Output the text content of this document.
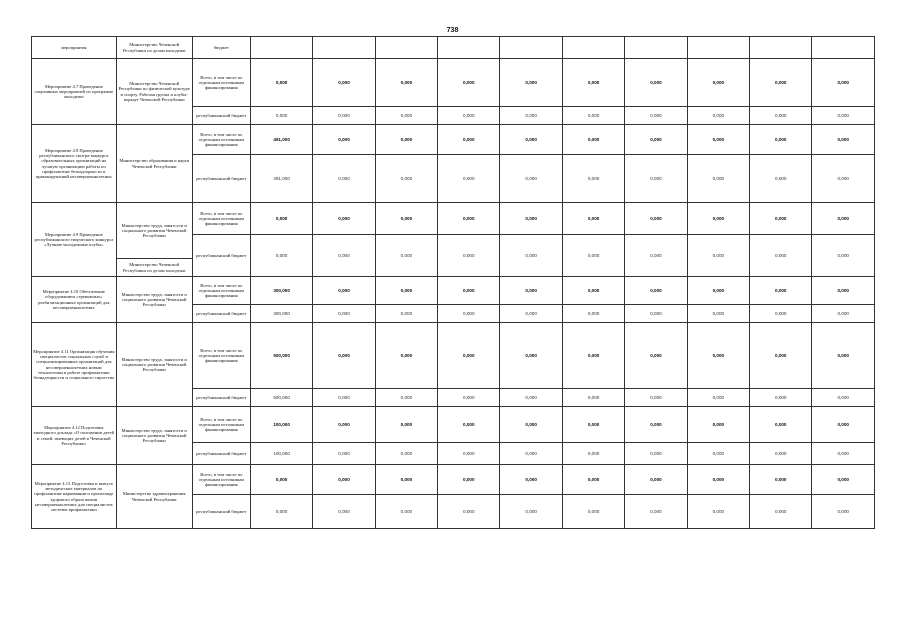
738
мероприятия	Министерство Чеченской Республики по делам молодежи	бюджет										
Мероприятие 4.7 Проведение спортивных мероприятий по программе молодежи	Министерство Чеченской Республики по физической культуре и спорту, Рабочая группа и клубы-воркаут Чеченской Республики	Всего, в том числе по отдельным источникам финансирования	0,000	0,000	0,000	0,000	0,000	0,000	0,000	0,000	0,000	0,000
		республиканский бюджет	0,000	0,000	0,000	0,000	0,000	0,000	0,000	0,000	0,000	0,000
Мероприятие 4.8 Проведение республиканского смотра-конкурса образовательных организаций на лучшую организацию работы по профилактике безнадзорности и правонарушений несовершеннолетних	Министерство образования и науки Чеченской Республики	Всего, в том числе по отдельным источникам финансирования	491,000	0,000	0,000	0,000	0,000	0,000	0,000	0,000	0,000	0,000
		республиканский бюджет	491,000	0,000	0,000	0,000	0,000	0,000	0,000	0,000	0,000	0,000
Мероприятие 4.9 Проведение республиканского творческого конкурса «Лучшие молодежные клубы»	Министерство труда, занятости и социального развития Чеченской Республики	Всего, в том числе по отдельным источникам финансирования	0,000	0,000	0,000	0,000	0,000	0,000	0,000	0,000	0,000	0,000
		республиканский бюджет	0,000	0,000	0,000	0,000	0,000	0,000	0,000	0,000	0,000	0,000
	Министерство Чеченской Республики по делам молодежи											
Мероприятие 4.10 Обеспечение оборудованием «тревожных» реабилитационных организаций для несовершеннолетних	Министерство труда, занятости и социального развития Чеченской Республики	Всего, в том числе по отдельным источникам финансирования	300,000	0,000	0,000	0,000	0,000	0,000	0,000	0,000	0,000	0,000
		республиканский бюджет	300,000	0,000	0,000	0,000	0,000	0,000	0,000	0,000	0,000	0,000
Мероприятие 4.11 Организация обучения специалистов социальных служб и специализированных организаций для несовершеннолетних новым технологиям в работе профилактики безнадзорности и социального сиротства	Министерство труда, занятости и социального развития Чеченской Республики	Всего, в том числе по отдельным источникам финансирования	500,000	0,000	0,000	0,000	0,000	0,000	0,000	0,000	0,000	0,000
		республиканский бюджет	500,000	0,000	0,000	0,000	0,000	0,000	0,000	0,000	0,000	0,000
Мероприятие 4.12 Подготовка ежегодного доклада «О положении детей и семей, имеющих детей в Чеченской Республике»	Министерство труда, занятости и социального развития Чеченской Республики	Всего, в том числе по отдельным источникам финансирования	100,000	0,000	0,000	0,000	0,000	0,000	0,000	0,000	0,000	0,000
		республиканский бюджет	100,000	0,000	0,000	0,000	0,000	0,000	0,000	0,000	0,000	0,000
Мероприятие 4.13 Подготовка и выпуск методических материалов по профилактике наркомании и пропаганде здорового образа жизни несовершеннолетних для специалистов системы профилактики	Министерство здравоохранения Чеченской Республики	Всего, в том числе по отдельным источникам финансирования	0,000	0,000	0,000	0,000	0,000	0,000	0,000	0,000	0,000	0,000
		республиканский бюджет	0,000	0,000	0,000	0,000	0,000	0,000	0,000	0,000	0,000	0,000
